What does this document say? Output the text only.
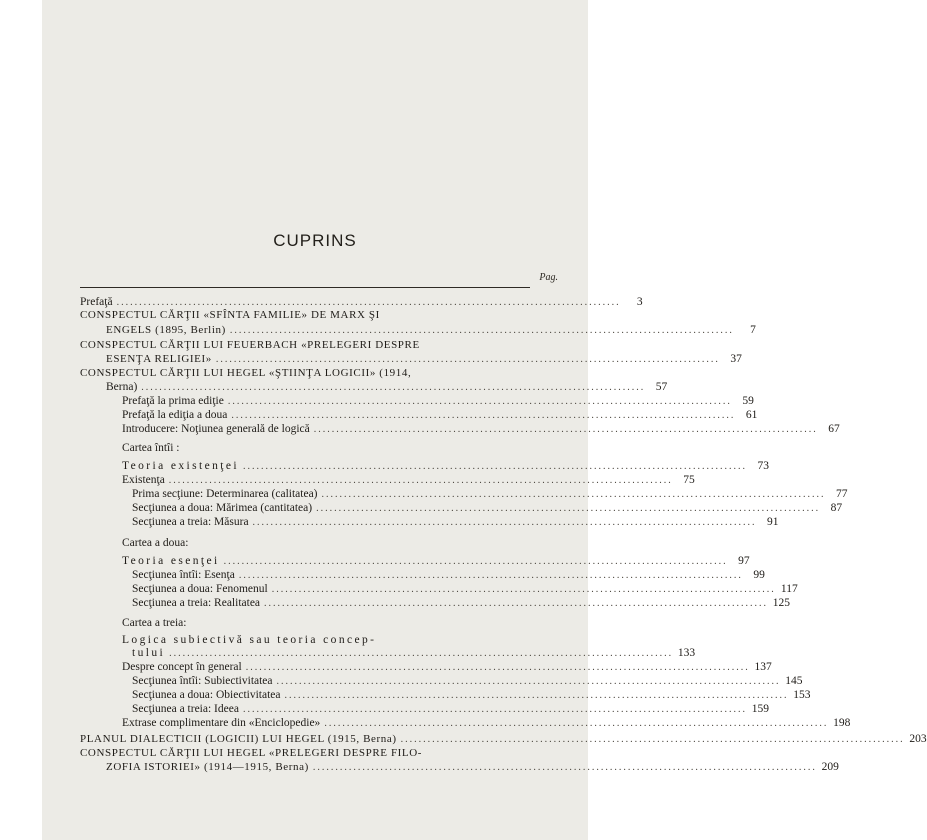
CUPRINS
Pag.
Prefaţă ................................................................................................................	3
CONSPECTUL CĂRŢII «SFÎNTA FAMILIE» DE MARX ŞI
ENGELS (1895, Berlin) ................................................................................................................	7
CONSPECTUL CĂRŢII LUI FEUERBACH «PRELEGERI DESPRE
ESENŢA RELIGIEI» ................................................................................................................ 37
CONSPECTUL CĂRŢII LUI HEGEL «ŞTIINŢA LOGICII» (1914,
Berna) ................................................................................................................ 57
Prefaţă la prima ediţie ................................................................................................................ 59
Prefaţă la ediţia a doua ................................................................................................................ 61
Introducere: Noţiunea generală de logică ................................................................................................................ 67
Cartea întîi :
Teoria existenţei ................................................................................................................ 73
Existenţa ................................................................................................................ 75
Prima secţiune: Determinarea (calitatea) ................................................................................................................ 77
Secţiunea a doua: Mărimea (cantitatea) ................................................................................................................ 87
Secţiunea a treia: Măsura ................................................................................................................ 91
Cartea a doua:
Teoria esenţei ................................................................................................................ 97
Secţiunea întîi: Esenţa ................................................................................................................ 99
Secţiunea a doua: Fenomenul ................................................................................................................ 117
Secţiunea a treia: Realitatea ................................................................................................................ 125
Cartea a treia:
Logica subiectivă sau teoria concep-
tului ................................................................................................................ 133
Despre concept în general ................................................................................................................ 137
Secţiunea întîi: Subiectivitatea ................................................................................................................ 145
Secţiunea a doua: Obiectivitatea ................................................................................................................ 153
Secţiunea a treia: Ideea ................................................................................................................ 159
Extrase complimentare din «Enciclopedie» ................................................................................................................ 198
PLANUL DIALECTICII (LOGICII) LUI HEGEL (1915, Berna) ................................................................................................................ 203
CONSPECTUL CĂRŢII LUI HEGEL «PRELEGERI DESPRE FILO-
ZOFIA ISTORIEI» (1914—1915, Berna) ................................................................................................................ 209
